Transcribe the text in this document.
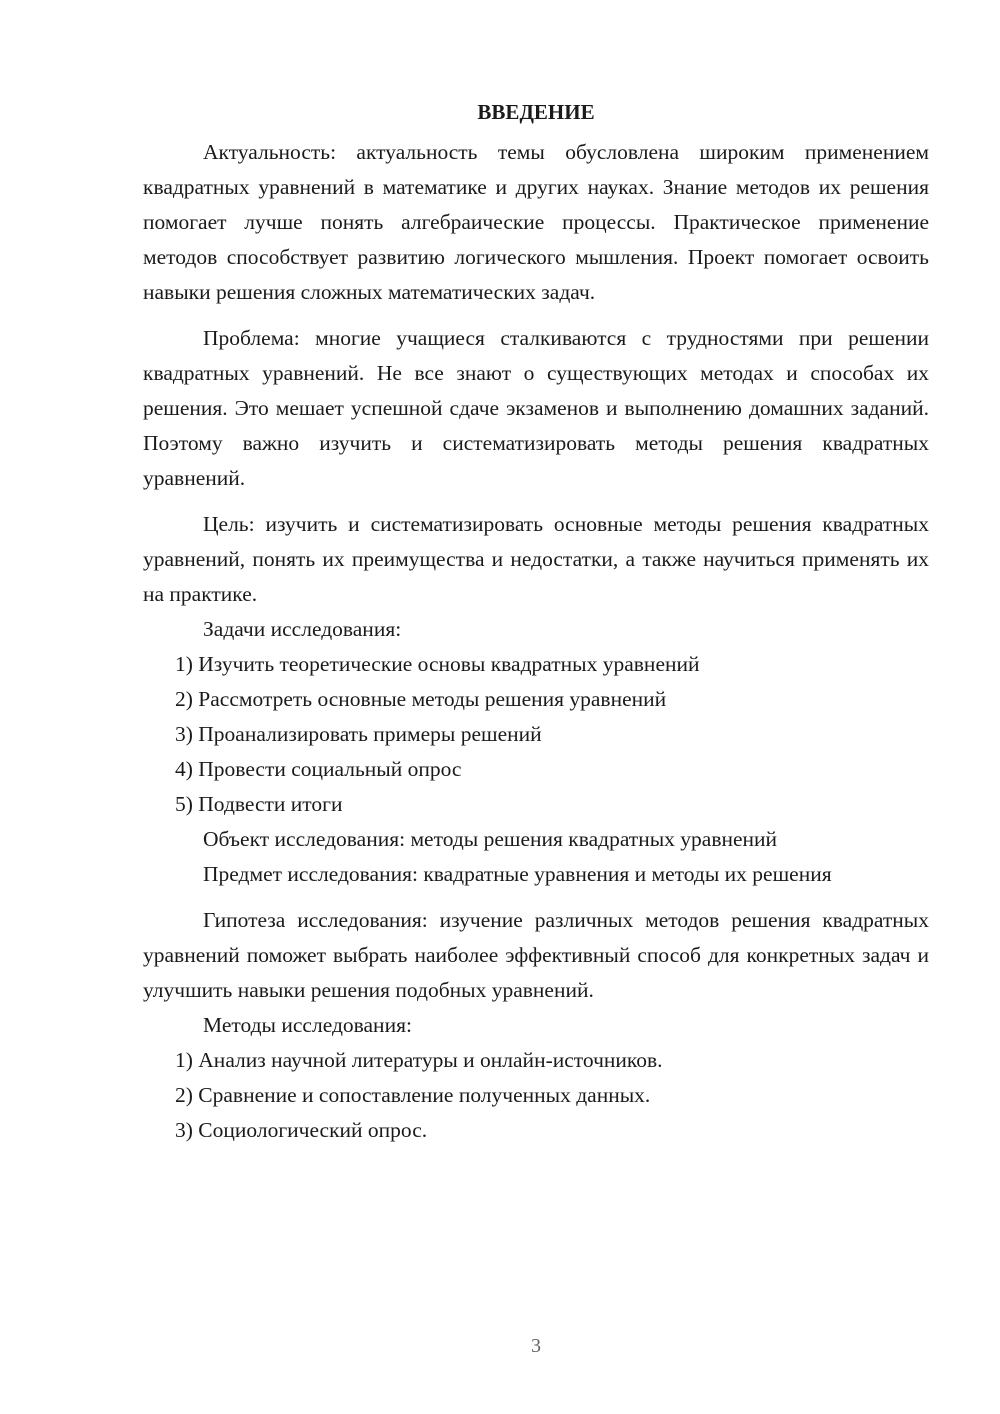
ВВЕДЕНИЕ

Актуальность: актуальность темы обусловлена широким применением квадратных уравнений в математике и других науках. Знание методов их решения помогает лучше понять алгебраические процессы. Практическое применение методов способствует развитию логического мышления. Проект помогает освоить навыки решения сложных математических задач.

Проблема: многие учащиеся сталкиваются с трудностями при решении квадратных уравнений. Не все знают о существующих методах и способах их решения. Это мешает успешной сдаче экзаменов и выполнению домашних заданий. Поэтому важно изучить и систематизировать методы решения квадратных уравнений.

Цель: изучить и систематизировать основные методы решения квадратных уравнений, понять их преимущества и недостатки, а также научиться применять их на практике.

Задачи исследования:

1) Изучить теоретические основы квадратных уравнений

2) Рассмотреть основные методы решения уравнений

3) Проанализировать примеры решений

4) Провести социальный опрос

5) Подвести итоги

Объект исследования: методы решения квадратных уравнений

Предмет исследования: квадратные уравнения и методы их решения

Гипотеза исследования: изучение различных методов решения квадратных уравнений поможет выбрать наиболее эффективный способ для конкретных задач и улучшить навыки решения подобных уравнений.

Методы исследования:

1) Анализ научной литературы и онлайн-источников.

2) Сравнение и сопоставление полученных данных.

3) Социологический опрос.

3
